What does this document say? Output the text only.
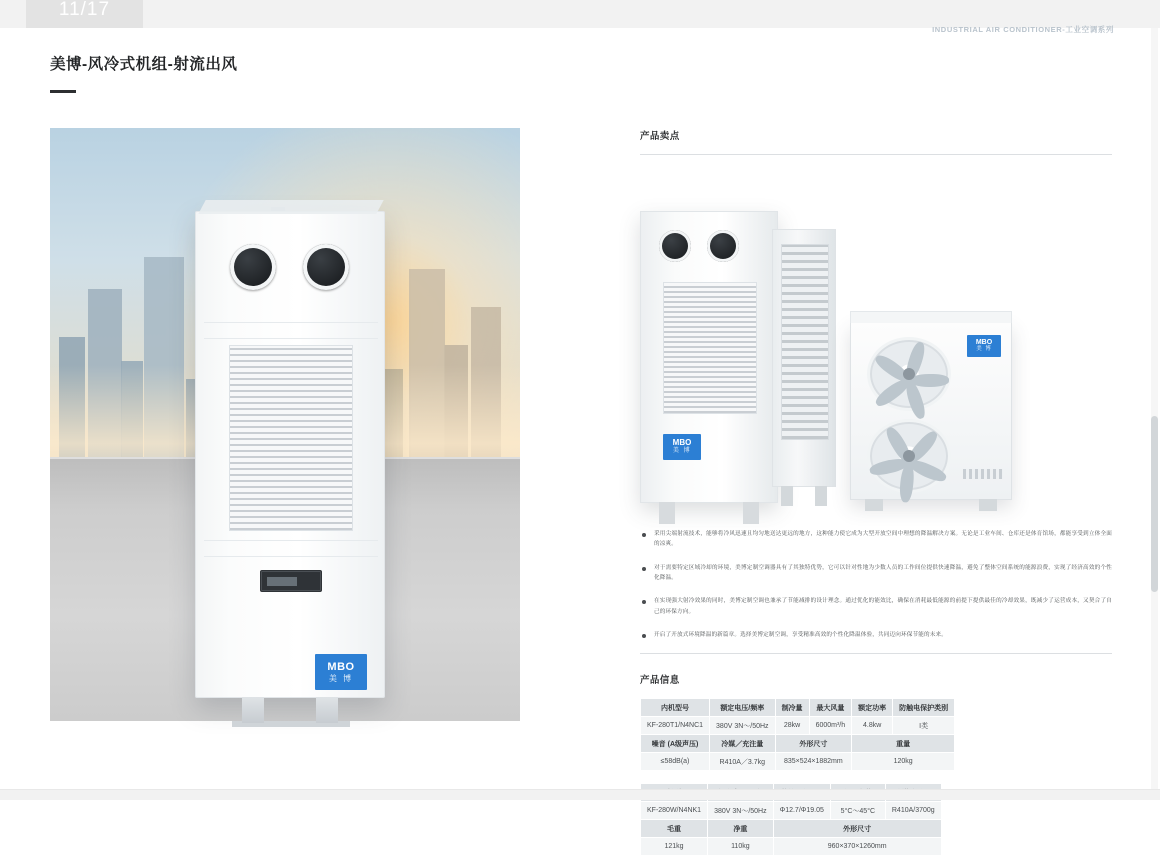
11/17
INDUSTRIAL AIR CONDITIONER-工业空调系列
美博-风冷式机组-射流出风
MBO
美 博
产品卖点
MBO
美 博
MBO
美 博

采用尖端射流技术，能够将冷风迅速且均匀地送达更远的地方，这种能力使它成为大型开放空间中理想的降温解决方案。无论是工业车间、仓库还是体育馆场，都能享受到立体全面的凉爽。

对于需要特定区域冷却的环境，美博定制空调器具有了其独特优势，它可以针对性地为少数人员的工作间位提供快速降温，避免了整体空间系统的能源浪费，实现了经济高效的个性化降温。

在实现强大射冷效果的同时，美博定制空调也兼承了节能减排的设计理念。通过优化的能效比，确保在消耗最低能源的前提下提供最佳的冷却效果，既减少了运营成本，又契合了自己的环保方向。

开启了开放式环境降温的新篇章。选择美博定制空调，享受精准高效的个性化降温体验，共同迈向环保节能的未来。

产品信息
内机型号	额定电压/频率	制冷量	最大风量	额定功率	防触电保护类别
KF-280T1/N4NC1	380V 3N～/50Hz	28kw	6000m³/h	4.8kw	I类
噪音 (A级声压)	冷媒／充注量	外形尺寸		重量	
≤58dB(a)	R410A／3.7kg	835×524×1882mm		120kg	

KF-280W/N4NK1	380V 3N～/50Hz	Φ12.7/Φ19.05	5°C～45°C	R410A/3700g
毛重	净重	外形尺寸		
121kg	110kg	960×370×1260mm		
